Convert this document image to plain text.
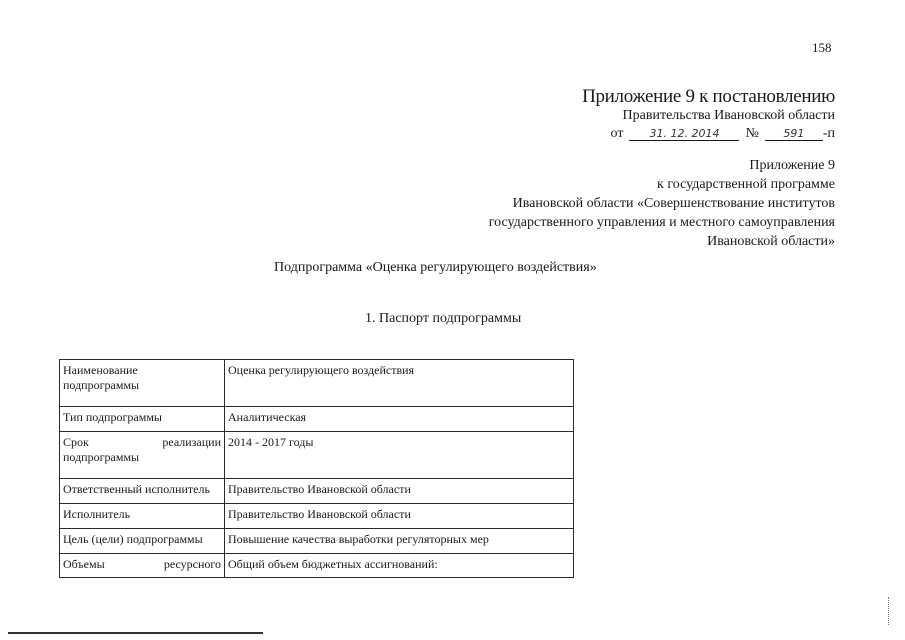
158
Приложение 9 к постановлению
Правительства Ивановской области
от	31. 12. 2014	№	591	-п
Приложение 9
к государственной программе
Ивановской области «Совершенствование институтов
государственного управления и местного самоуправления
Ивановской области»
Подпрограмма «Оценка регулирующего воздействия»
1. Паспорт подпрограммы
Наименование
подпрограммы	Оценка регулирующего воздействия
Тип подпрограммы	Аналитическая

Срок реализации
подпрограммы	2014 - 2017 годы
Ответственный исполнитель	Правительство Ивановской области
Исполнитель	Правительство Ивановской области
Цель (цели) подпрограммы	Повышение качества выработки регуляторных мер

Объемы ресурсного	Общий объем бюджетных ассигнований:
